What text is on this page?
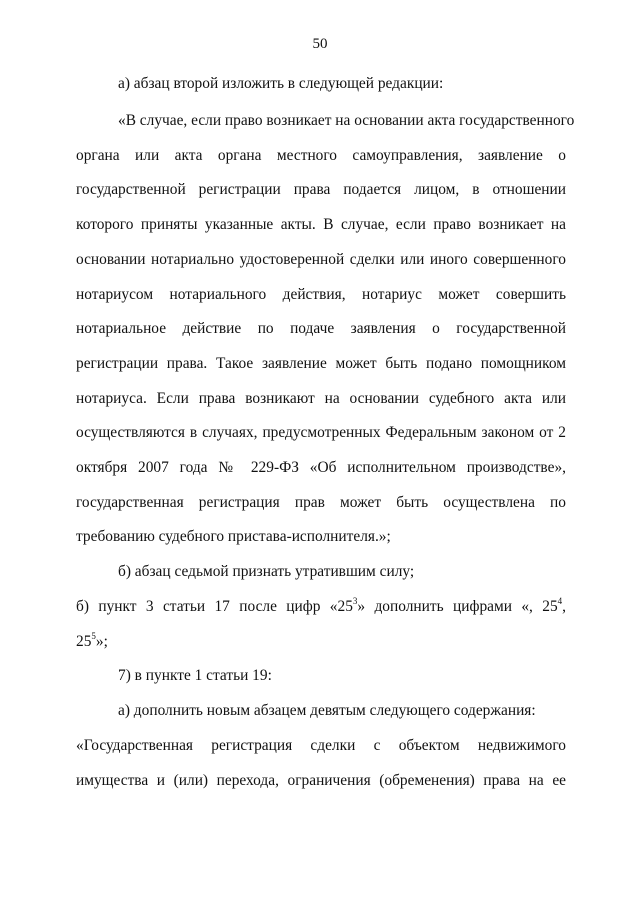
50
а) абзац второй изложить в следующей редакции:
«В случае, если право возникает на основании акта государственного
органа или акта органа местного самоуправления, заявление о
государственной регистрации права подается лицом, в отношении
которого приняты указанные акты. В случае, если право возникает на
основании нотариально удостоверенной сделки или иного совершенного
нотариусом нотариального действия, нотариус может совершить
нотариальное действие по подаче заявления о государственной
регистрации права. Такое заявление может быть подано помощником
нотариуса. Если права возникают на основании судебного акта или
осуществляются в случаях, предусмотренных Федеральным законом от 2
октября 2007 года № 229-ФЗ «Об исполнительном производстве»,
государственная регистрация прав может быть осуществлена по
требованию судебного пристава-исполнителя.»;
б) абзац седьмой признать утратившим силу;
б) пункт 3 статьи 17 после цифр «$25^3$» дополнить цифрами «, $25^4$,
$25^5$»;
7) в пункте 1 статьи 19:
а) дополнить новым абзацем девятым следующего содержания:
«Государственная регистрация сделки с объектом недвижимого
имущества и (или) перехода, ограничения (обременения) права на ее
